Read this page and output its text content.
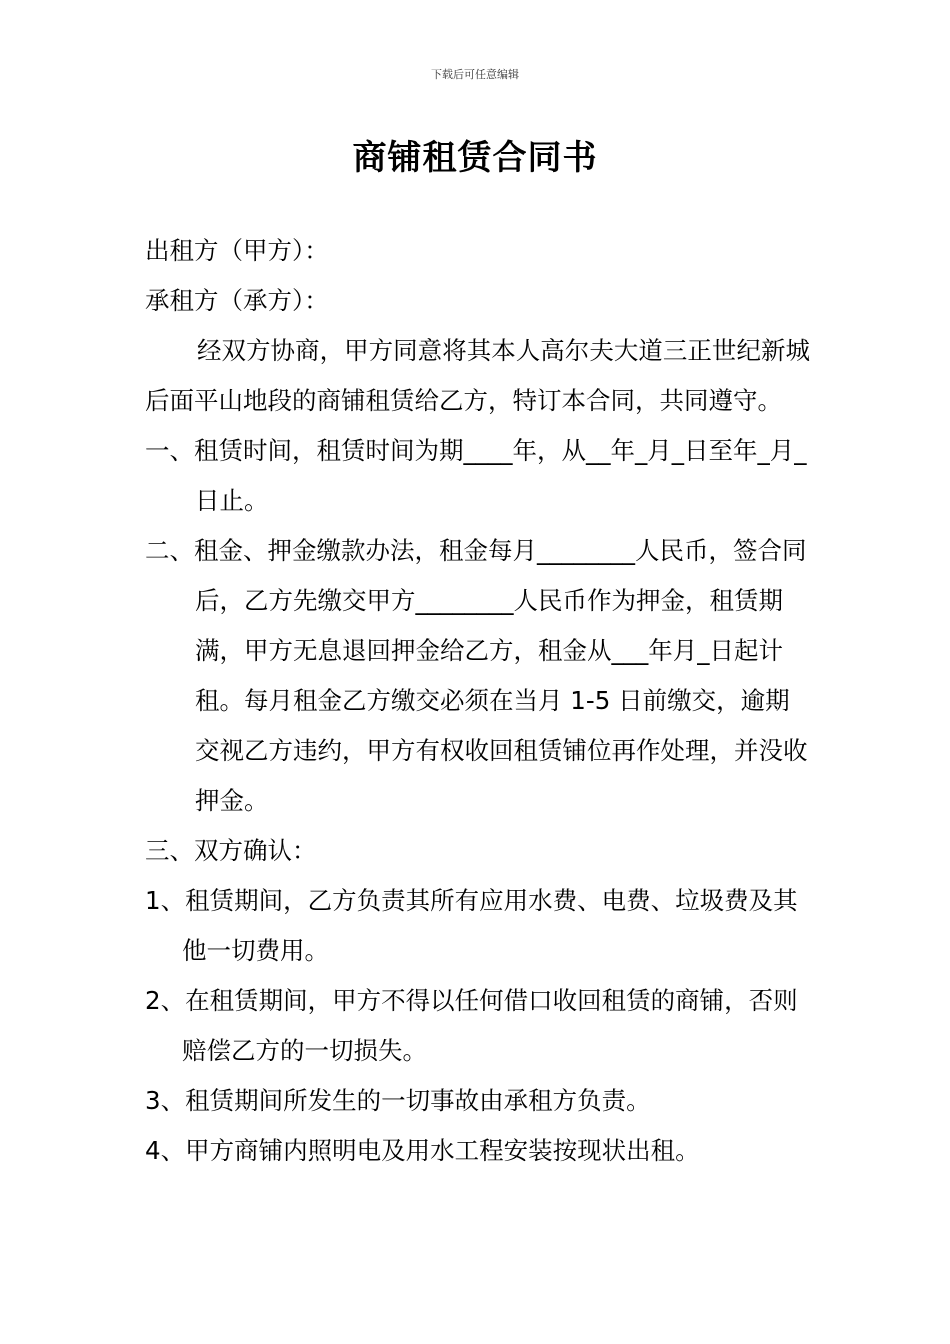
下载后可任意编辑
商铺租赁合同书

出租方（甲方）：

承租方（承方）：

经双方协商，甲方同意将其本人高尔夫大道三正世纪新城后面平山地段的商铺租赁给乙方，特订本合同，共同遵守。

一、租赁时间，租赁时间为期____年，从__年_月_日至年_月_日止。

二、租金、押金缴款办法，租金每月________人民币，签合同后，乙方先缴交甲方________人民币作为押金，租赁期满，甲方无息退回押金给乙方，租金从___年月_日起计租。每月租金乙方缴交必须在当月 1-5 日前缴交，逾期交视乙方违约，甲方有权收回租赁铺位再作处理，并没收押金。

三、双方确认：

1、租赁期间，乙方负责其所有应用水费、电费、垃圾费及其他一切费用。

2、在租赁期间，甲方不得以任何借口收回租赁的商铺，否则赔偿乙方的一切损失。

3、租赁期间所发生的一切事故由承租方负责。

4、甲方商铺内照明电及用水工程安装按现状出租。
